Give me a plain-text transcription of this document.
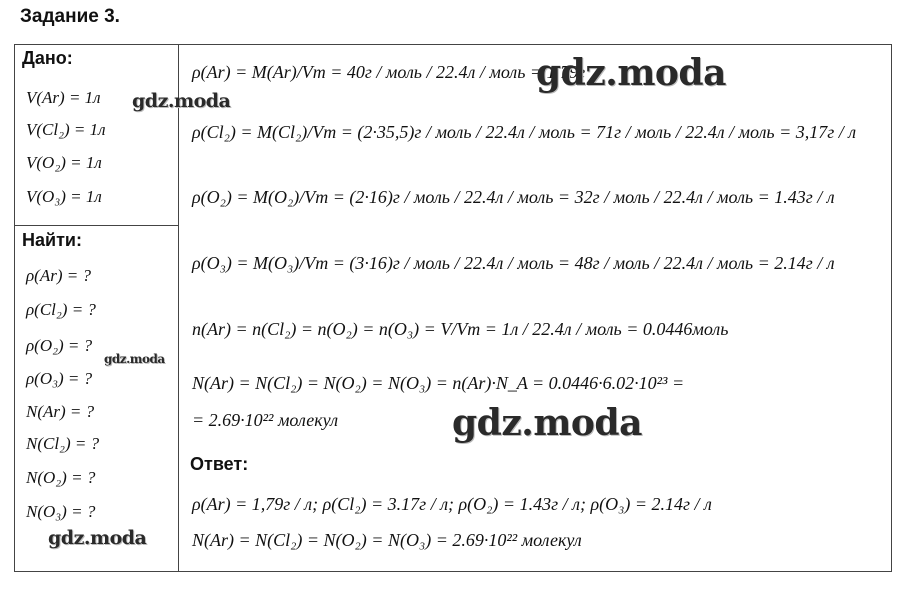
Задание 3.
Дано:
V(Ar) = 1л
V(Cl₂) = 1л
V(O₂) = 1л
V(O₃) = 1л
Найти:
ρ(Ar) = ?
ρ(Cl₂) = ?
ρ(O₂) = ?
ρ(O₃) = ?
N(Ar) = ?
N(Cl₂) = ?
N(O₂) = ?
N(O₃) = ?
ρ(Ar) = M(Ar)/Vm = 40г / моль / 22.4л / моль = 1.79г
ρ(Cl₂) = M(Cl₂)/Vm = (2·35,5)г / моль / 22.4л / моль = 71г / моль / 22.4л / моль = 3,17г / л
ρ(O₂) = M(O₂)/Vm = (2·16)г / моль / 22.4л / моль = 32г / моль / 22.4л / моль = 1.43г / л
ρ(O₃) = M(O₃)/Vm = (3·16)г / моль / 22.4л / моль = 48г / моль / 22.4л / моль = 2.14г / л
n(Ar) = n(Cl₂) = n(O₂) = n(O₃) = V/Vm = 1л / 22.4л / моль = 0.0446моль
N(Ar) = N(Cl₂) = N(O₂) = N(O₃) = n(Ar)·N_A = 0.0446·6.02·10²³ =
= 2.69·10²² молекул
Ответ:
ρ(Ar) = 1,79г / л; ρ(Cl₂) = 3.17г / л; ρ(O₂) = 1.43г / л; ρ(O₃) = 2.14г / л
N(Ar) = N(Cl₂) = N(O₂) = N(O₃) = 2.69·10²² молекул
gdz.moda
gdz.moda
gdz.moda
gdz.moda
gdz.moda
